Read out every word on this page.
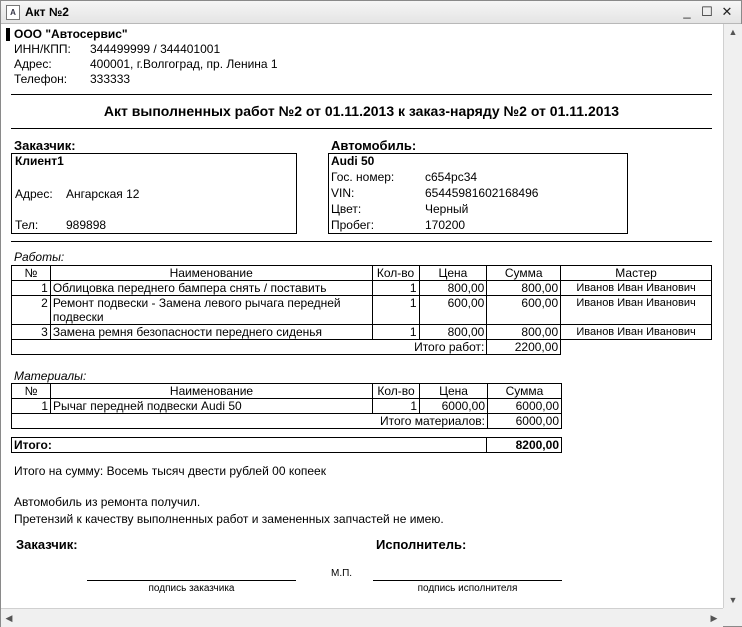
A Акт №2	_ ☐ ✕
ООО "Автосервис"
ИНН/КПП: 344499999 / 344401001
Адрес:	400001, г.Волгоград, пр. Ленина 1
Телефон: 333333
Акт выполненных работ №2 от 01.11.2013 к заказ-наряду №2 от 01.11.2013
Заказчик:
Клиент1
Адрес: Ангарская 12
Тел: 989898
Автомобиль:
Audi 50
Гос. номер:	с654рс34
VIN:	65445981602168496
Цвет:	Черный
Пробег:	170200
Работы:
№	Наименование	Кол-во	Цена	Сумма	Мастер
1	Облицовка переднего бампера снять / поставить	1	800,00	800,00	Иванов Иван Иванович
2	Ремонт подвески - Замена левого рычага передней подвески	1	600,00	600,00	Иванов Иван Иванович
3	Замена ремня безопасности переднего сиденья	1	800,00	800,00	Иванов Иван Иванович
Итого работ:				2200,00	
Материалы:
№	Наименование	Кол-во	Цена	Сумма
1	Рычаг передней подвески Audi 50	1	6000,00	6000,00
Итого материалов:				6000,00
Итого:	8200,00
Итого на сумму: Восемь тысяч двести рублей 00 копеек
Автомобиль из ремонта получил.
Претензий к качеству выполненных работ и замененных запчастей не имею.
Заказчик:	Исполнитель:
подпись заказчика
М.П.
подпись исполнителя
▲
▼
◀	▶
